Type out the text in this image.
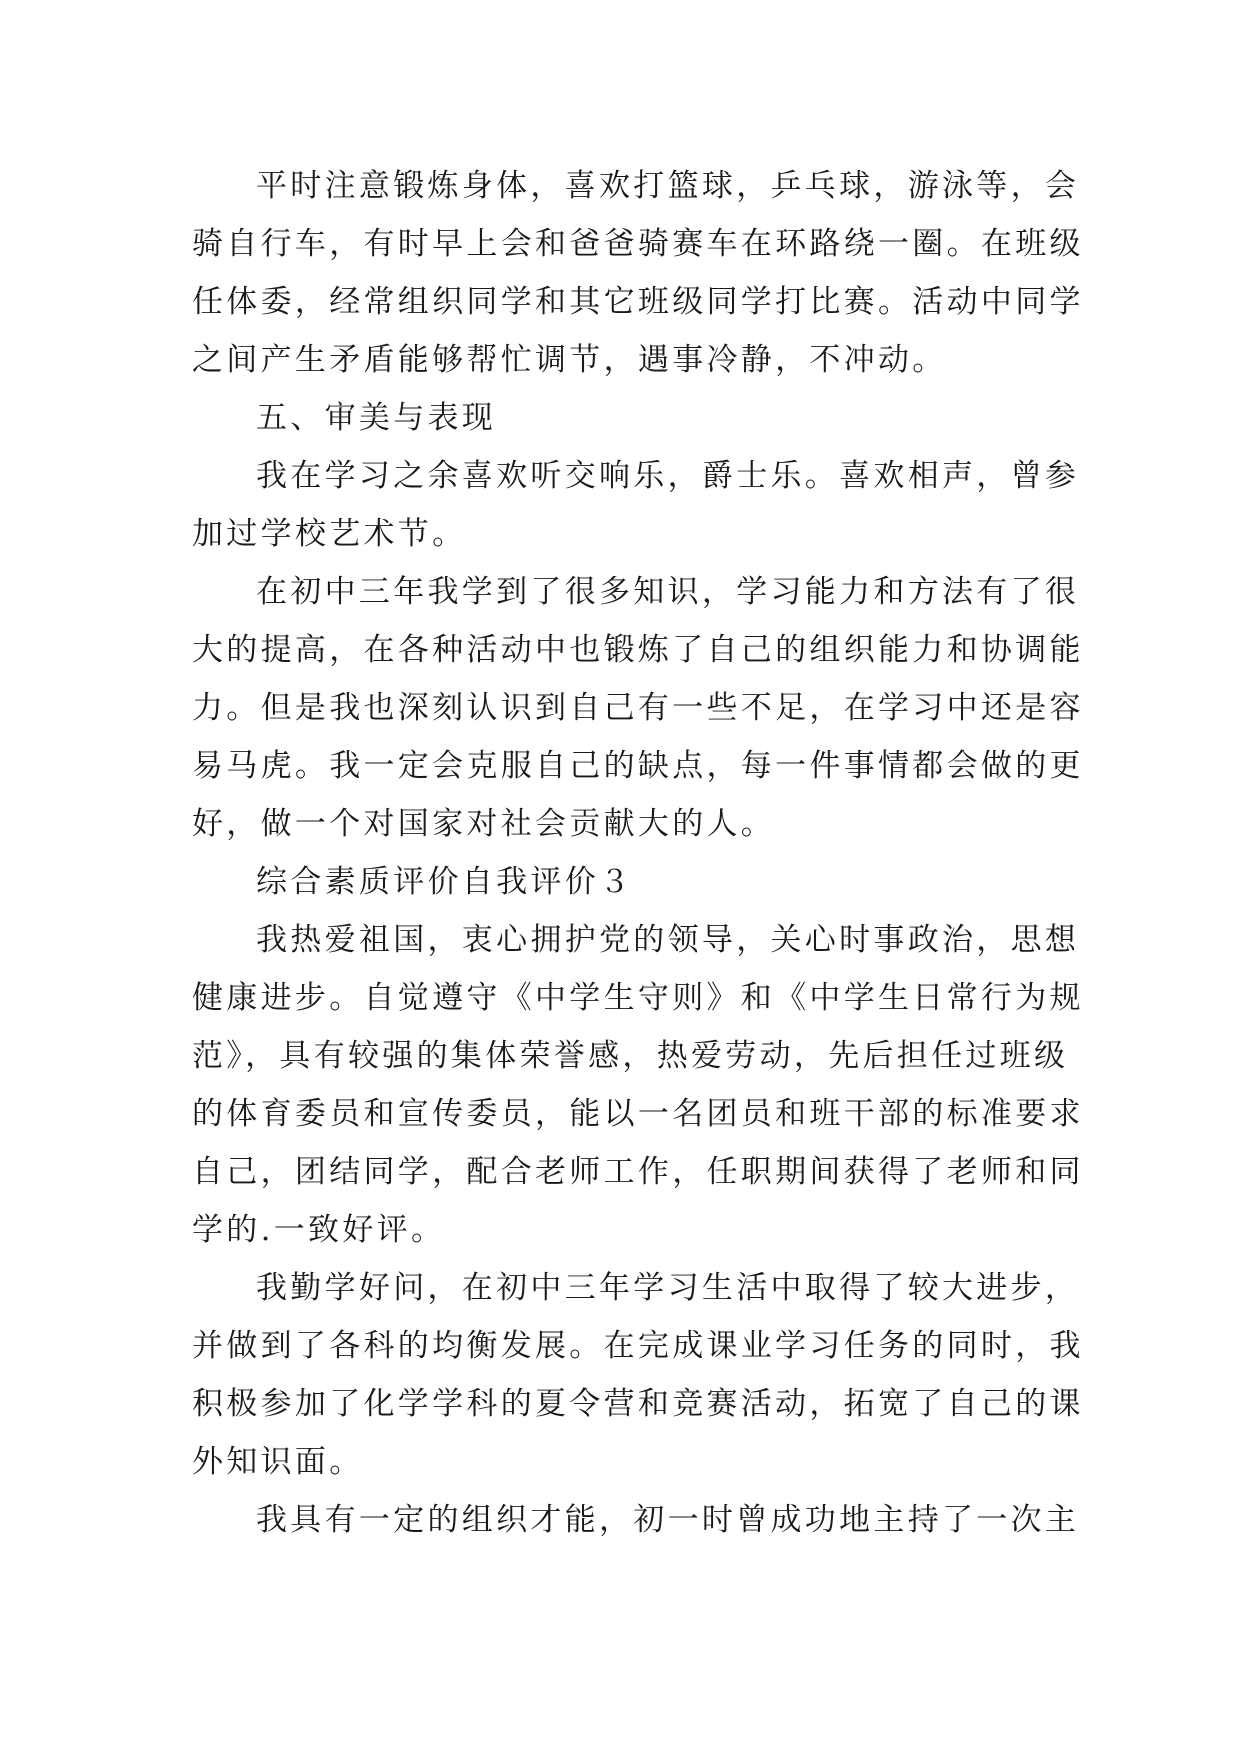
平时注意锻炼身体，喜欢打篮球，乒乓球，游泳等，会
骑自行车，有时早上会和爸爸骑赛车在环路绕一圈。在班级
任体委，经常组织同学和其它班级同学打比赛。活动中同学
之间产生矛盾能够帮忙调节，遇事冷静，不冲动。
五、审美与表现
我在学习之余喜欢听交响乐，爵士乐。喜欢相声，曾参
加过学校艺术节。
在初中三年我学到了很多知识，学习能力和方法有了很
大的提高，在各种活动中也锻炼了自己的组织能力和协调能
力。但是我也深刻认识到自己有一些不足，在学习中还是容
易马虎。我一定会克服自己的缺点，每一件事情都会做的更
好，做一个对国家对社会贡献大的人。
综合素质评价自我评价３
我热爱祖国，衷心拥护党的领导，关心时事政治，思想
健康进步。自觉遵守《中学生守则》和《中学生日常行为规
范》，具有较强的集体荣誉感，热爱劳动，先后担任过班级
的体育委员和宣传委员，能以一名团员和班干部的标准要求
自己，团结同学，配合老师工作，任职期间获得了老师和同
学的.一致好评。
我勤学好问，在初中三年学习生活中取得了较大进步，
并做到了各科的均衡发展。在完成课业学习任务的同时，我
积极参加了化学学科的夏令营和竞赛活动，拓宽了自己的课
外知识面。
我具有一定的组织才能，初一时曾成功地主持了一次主
